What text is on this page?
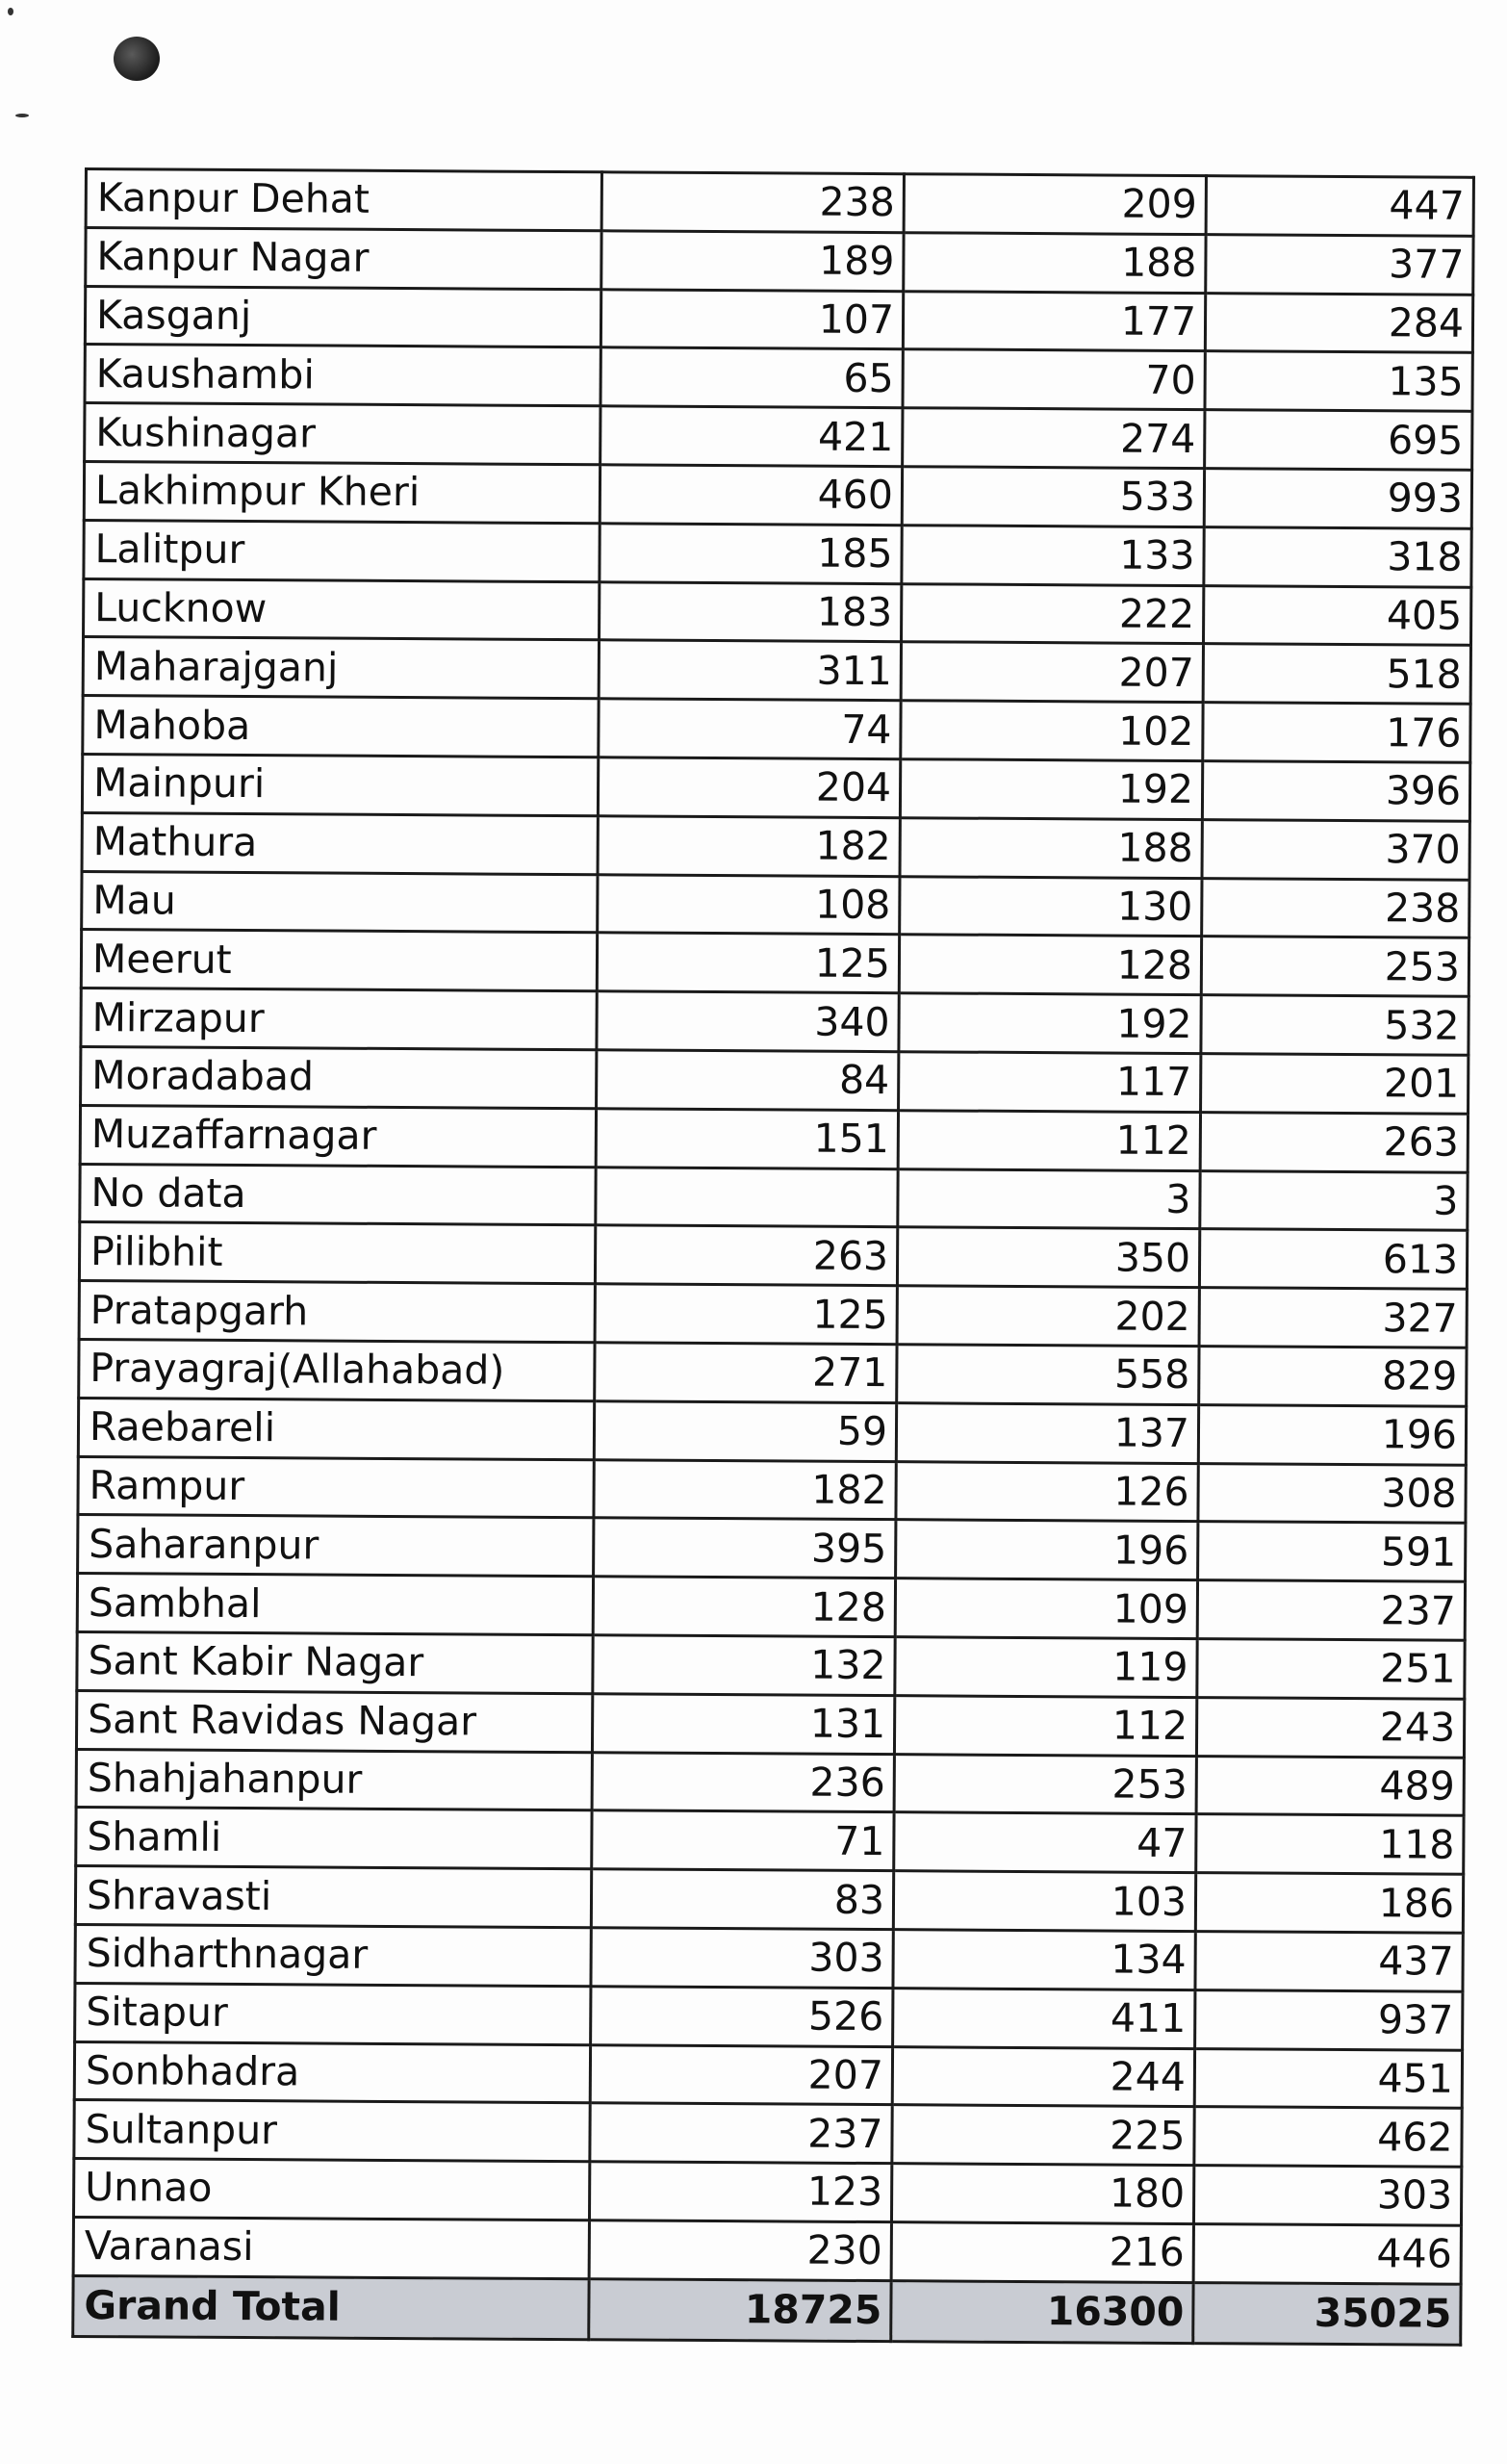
Kanpur Dehat	238	209	447
Kanpur Nagar	189	188	377
Kasganj	107	177	284
Kaushambi	65	70	135
Kushinagar	421	274	695
Lakhimpur Kheri	460	533	993
Lalitpur	185	133	318
Lucknow	183	222	405
Maharajganj	311	207	518
Mahoba	74	102	176
Mainpuri	204	192	396
Mathura	182	188	370
Mau	108	130	238
Meerut	125	128	253
Mirzapur	340	192	532
Moradabad	84	117	201
Muzaffarnagar	151	112	263
No data		3	3
Pilibhit	263	350	613
Pratapgarh	125	202	327
Prayagraj(Allahabad)	271	558	829
Raebareli	59	137	196
Rampur	182	126	308
Saharanpur	395	196	591
Sambhal	128	109	237
Sant Kabir Nagar	132	119	251
Sant Ravidas Nagar	131	112	243
Shahjahanpur	236	253	489
Shamli	71	47	118
Shravasti	83	103	186
Sidharthnagar	303	134	437
Sitapur	526	411	937
Sonbhadra	207	244	451
Sultanpur	237	225	462
Unnao	123	180	303
Varanasi	230	216	446
Grand Total	18725	16300	35025
